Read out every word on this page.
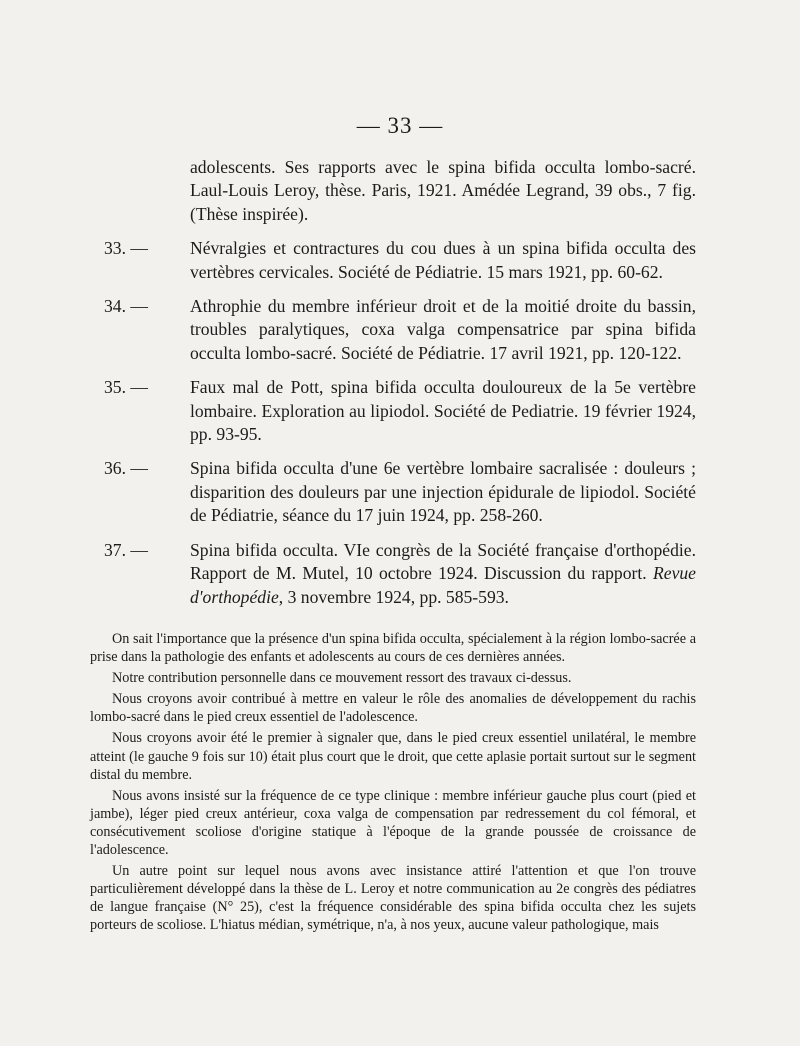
— 33 —
adolescents. Ses rapports avec le spina bifida occulta lombo-sacré. Laul-Louis Leroy, thèse. Paris, 1921. Amédée Legrand, 39 obs., 7 fig. (Thèse inspirée).
33. —	Névralgies et contractures du cou dues à un spina bifida occulta des vertèbres cervicales. Société de Pédiatrie. 15 mars 1921, pp. 60-62.
34. —	Athrophie du membre inférieur droit et de la moitié droite du bassin, troubles paralytiques, coxa valga compensatrice par spina bifida occulta lombo-sacré. Société de Pédiatrie. 17 avril 1921, pp. 120-122.
35. —	Faux mal de Pott, spina bifida occulta douloureux de la 5e vertèbre lombaire. Exploration au lipiodol. Société de Pediatrie. 19 février 1924, pp. 93-95.
36. —	Spina bifida occulta d'une 6e vertèbre lombaire sacralisée : douleurs ; disparition des douleurs par une injection épidurale de lipiodol. Société de Pédiatrie, séance du 17 juin 1924, pp. 258-260.
37. —	Spina bifida occulta. VIe congrès de la Société française d'orthopédie. Rapport de M. Mutel, 10 octobre 1924. Discussion du rapport. Revue d'orthopédie, 3 novembre 1924, pp. 585-593.

On sait l'importance que la présence d'un spina bifida occulta, spécialement à la région lombo-sacrée a prise dans la pathologie des enfants et adolescents au cours de ces dernières années.

Notre contribution personnelle dans ce mouvement ressort des travaux ci-dessus.

Nous croyons avoir contribué à mettre en valeur le rôle des anomalies de développement du rachis lombo-sacré dans le pied creux essentiel de l'adolescence.

Nous croyons avoir été le premier à signaler que, dans le pied creux essentiel unilatéral, le membre atteint (le gauche 9 fois sur 10) était plus court que le droit, que cette aplasie portait surtout sur le segment distal du membre.

Nous avons insisté sur la fréquence de ce type clinique : membre inférieur gauche plus court (pied et jambe), léger pied creux antérieur, coxa valga de compensation par redressement du col fémoral, et consécutivement scoliose d'origine statique à l'époque de la grande poussée de croissance de l'adolescence.

Un autre point sur lequel nous avons avec insistance attiré l'attention et que l'on trouve particulièrement développé dans la thèse de L. Leroy et notre communication au 2e congrès des pédiatres de langue française (N° 25), c'est la fréquence considérable des spina bifida occulta chez les sujets porteurs de scoliose. L'hiatus médian, symétrique, n'a, à nos yeux, aucune valeur pathologique, mais
